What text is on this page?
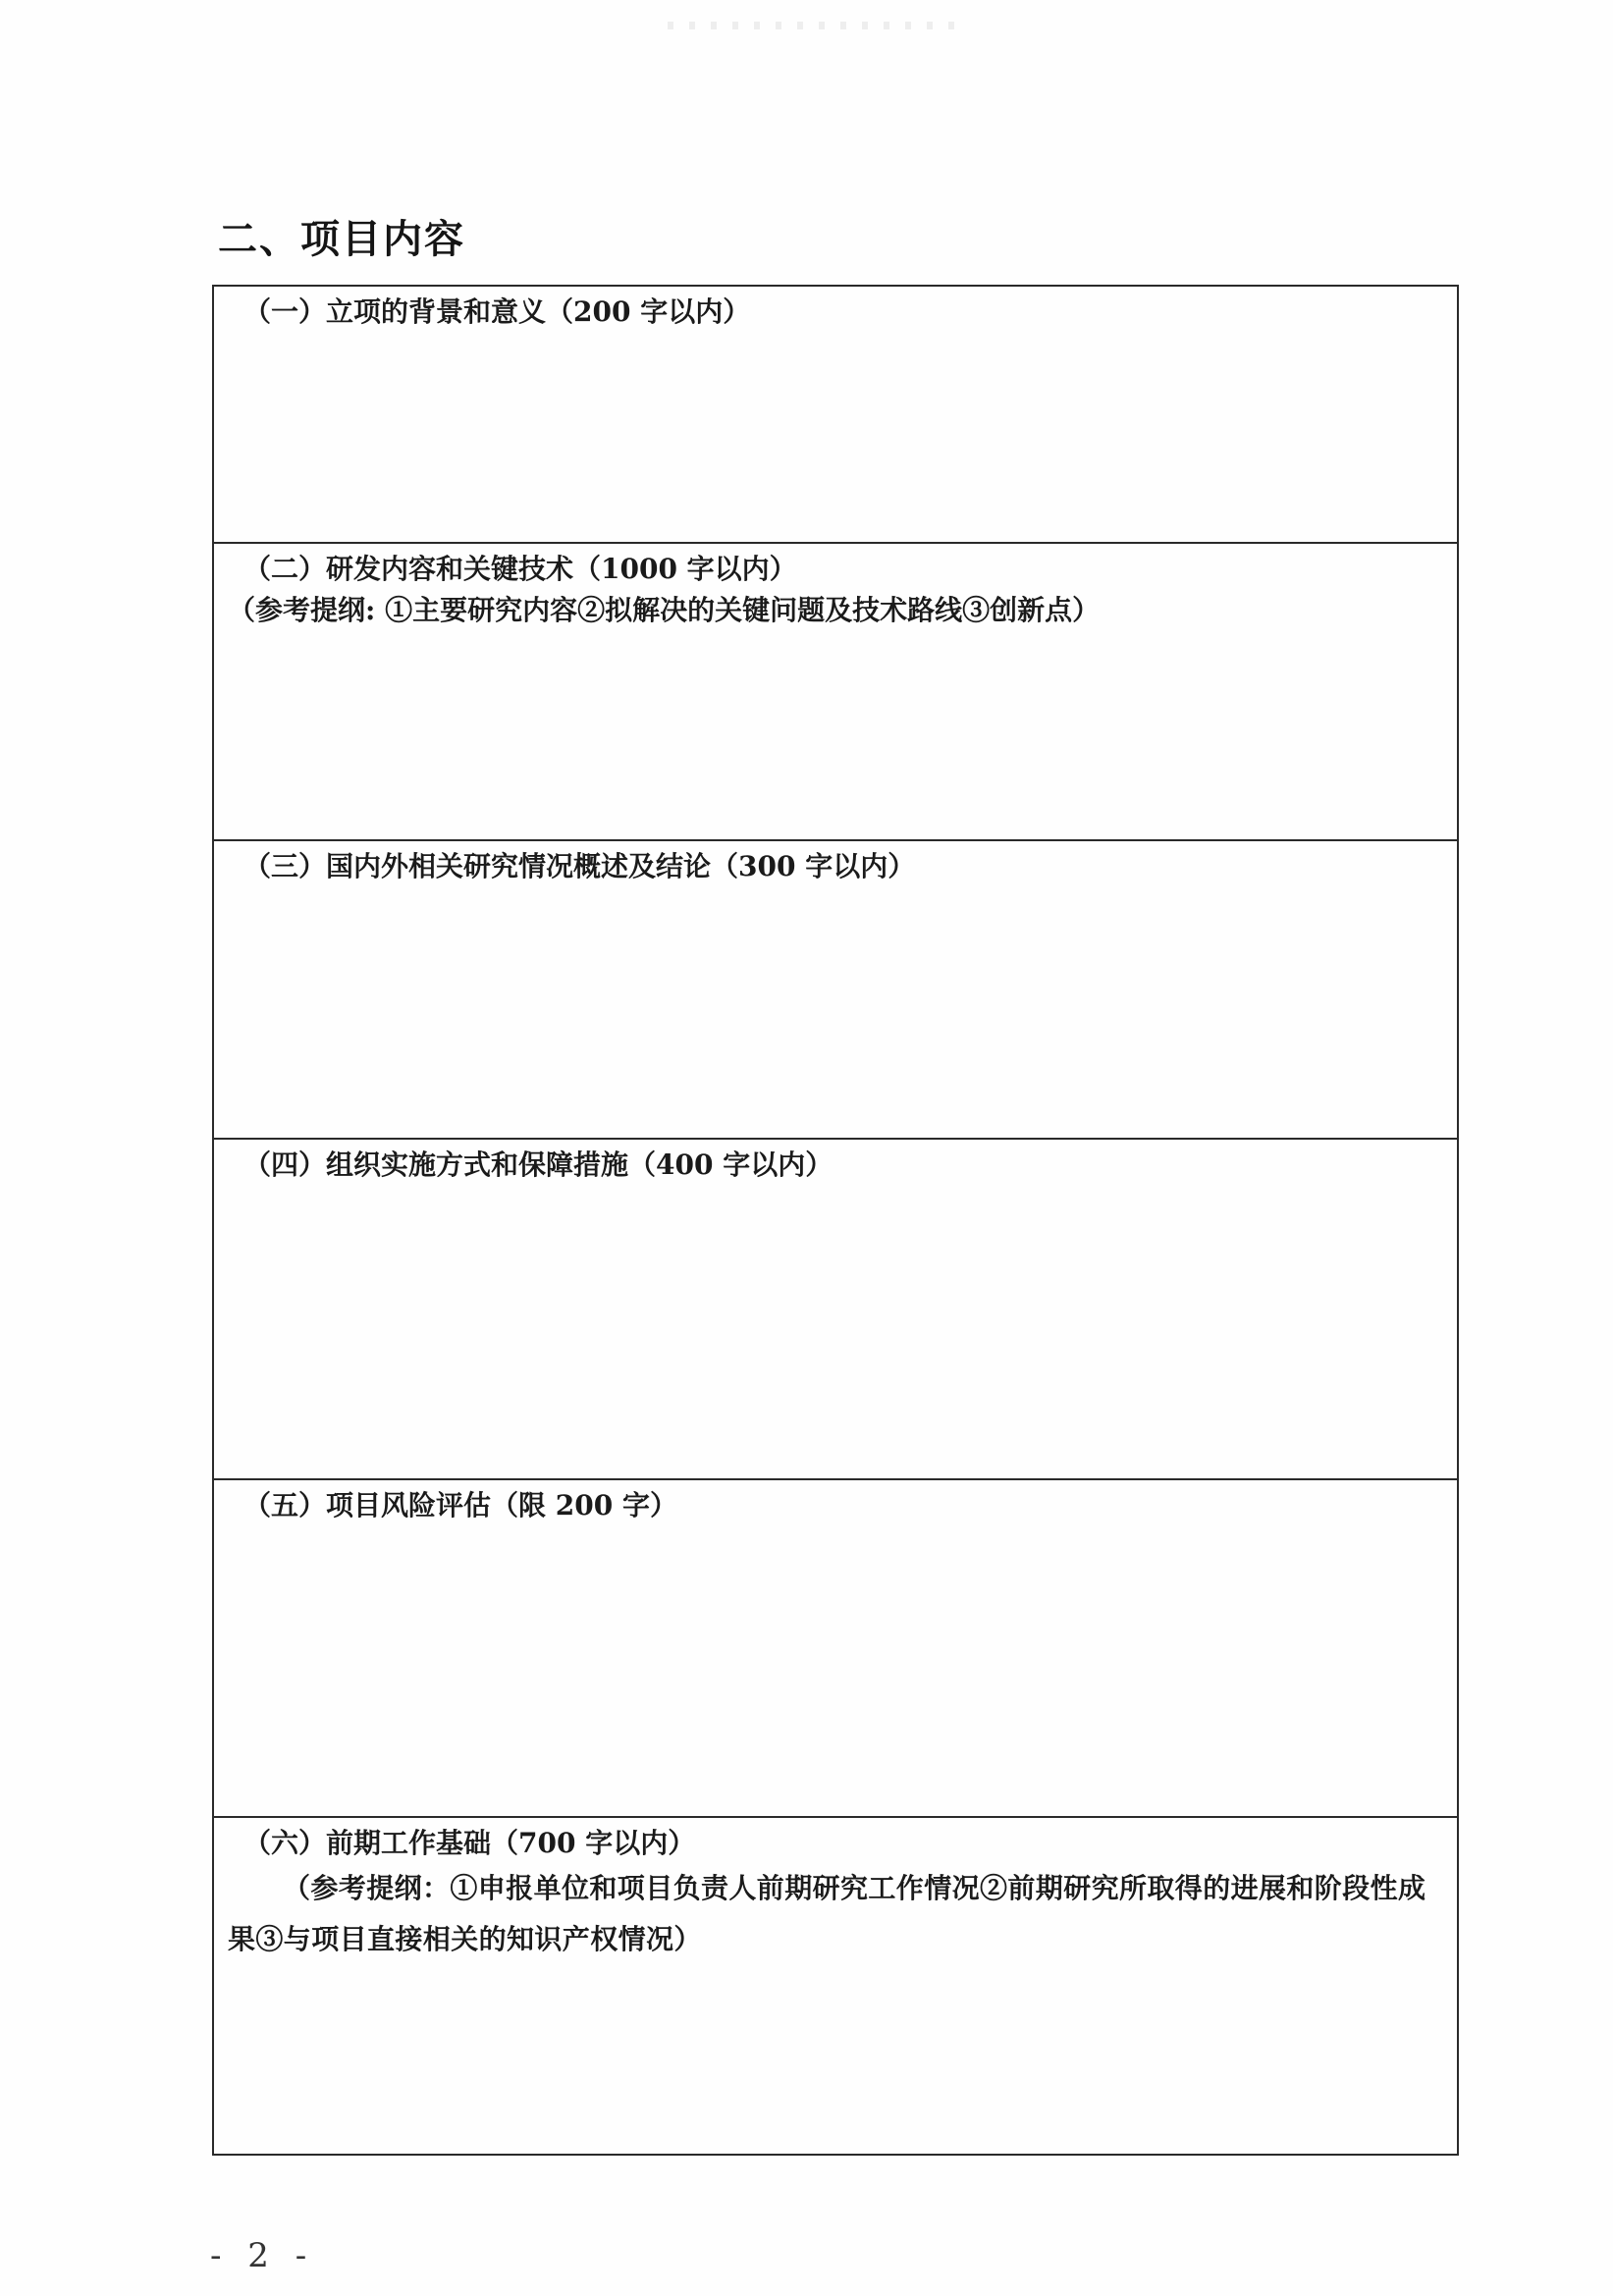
二、项目内容
（一）立项的背景和意义（200 字以内）
（二）研发内容和关键技术（1000 字以内）
（参考提纲: ①主要研究内容②拟解决的关键问题及技术路线③创新点）
（三）国内外相关研究情况概述及结论（300 字以内）
（四）组织实施方式和保障措施（400 字以内）
（五）项目风险评估（限 200 字）
（六）前期工作基础（700 字以内）
（参考提纲：①申报单位和项目负责人前期研究工作情况②前期研究所取得的进展和阶段性成果③与项目直接相关的知识产权情况）
- 2 -
